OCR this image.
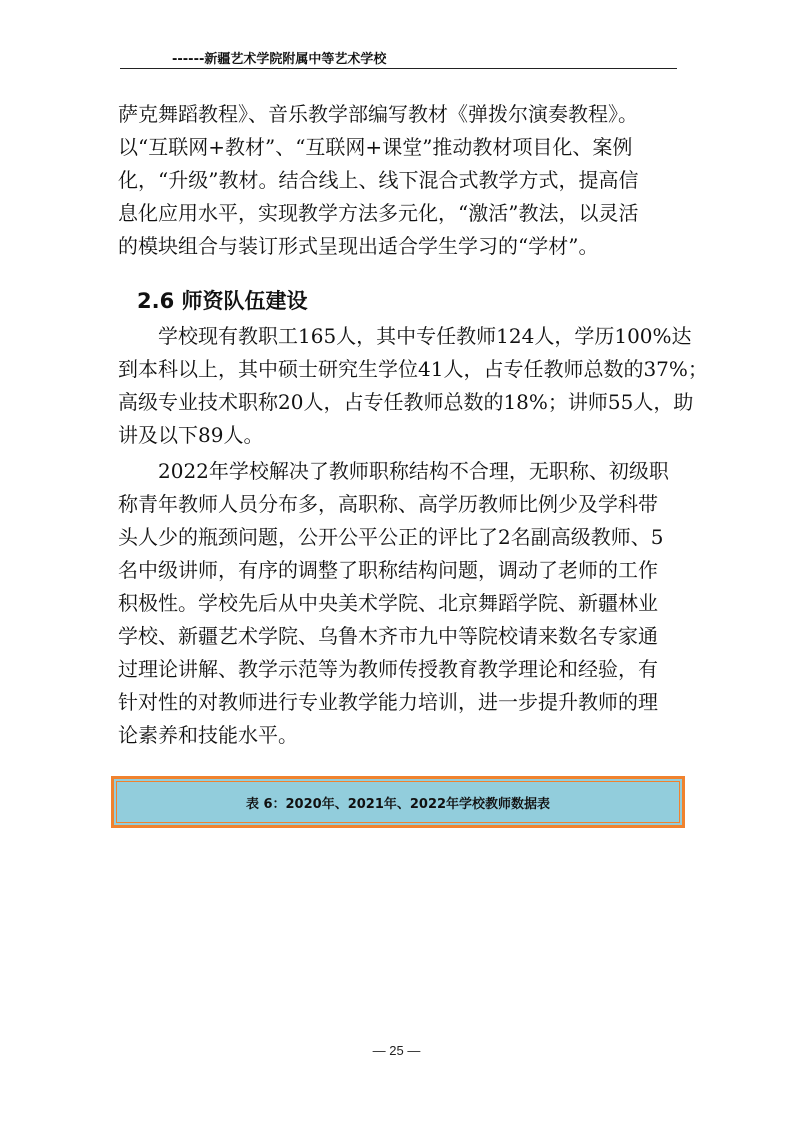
------新疆艺术学院附属中等艺术学校
萨克舞蹈教程》、音乐教学部编写教材《弹拨尔演奏教程》。
以“互联网+教材”、“互联网+课堂”推动教材项目化、案例
化，“升级”教材。结合线上、线下混合式教学方式，提高信
息化应用水平，实现教学方法多元化，“激活”教法，以灵活
的模块组合与装订形式呈现出适合学生学习的“学材”。
2.6 师资队伍建设
学校现有教职工165人，其中专任教师124人，学历100%达
到本科以上，其中硕士研究生学位41人，占专任教师总数的37%；
高级专业技术职称20人，占专任教师总数的18%；讲师55人，助
讲及以下89人。
2022年学校解决了教师职称结构不合理，无职称、初级职
称青年教师人员分布多，高职称、高学历教师比例少及学科带
头人少的瓶颈问题，公开公平公正的评比了2名副高级教师、5
名中级讲师，有序的调整了职称结构问题，调动了老师的工作
积极性。学校先后从中央美术学院、北京舞蹈学院、新疆林业
学校、新疆艺术学院、乌鲁木齐市九中等院校请来数名专家通
过理论讲解、教学示范等为教师传授教育教学理论和经验，有
针对性的对教师进行专业教学能力培训，进一步提升教师的理
论素养和技能水平。
表 6：2020年、2021年、2022年学校教师数据表
— 25 —
